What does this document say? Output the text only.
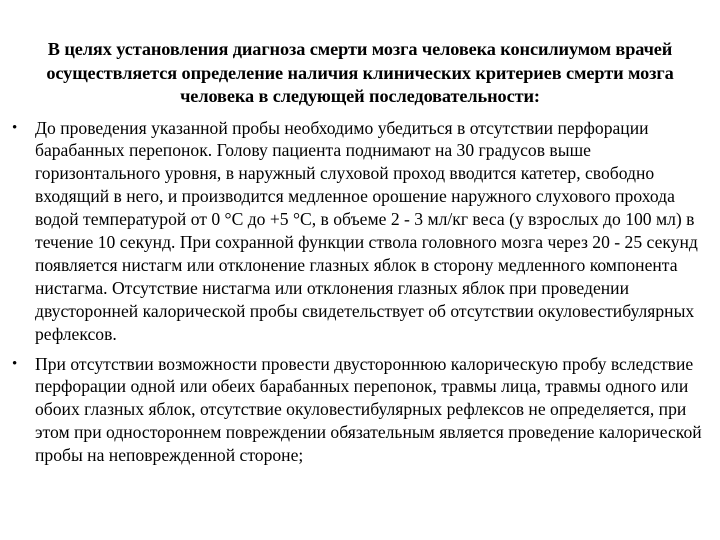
В целях установления диагноза смерти мозга человека консилиумом врачей осуществляется определение наличия клинических критериев смерти мозга человека в следующей последовательности:
• До проведения указанной пробы необходимо убедиться в отсутствии перфорации барабанных перепонок. Голову пациента поднимают на 30 градусов выше горизонтального уровня, в наружный слуховой проход вводится катетер, свободно входящий в него, и производится медленное орошение наружного слухового прохода водой температурой от 0 °С до +5 °С, в объеме 2 - 3 мл/кг веса (у взрослых до 100 мл) в течение 10 секунд. При сохранной функции ствола головного мозга через 20 - 25 секунд появляется нистагм или отклонение глазных яблок в сторону медленного компонента нистагма. Отсутствие нистагма или отклонения глазных яблок при проведении двусторонней калорической пробы свидетельствует об отсутствии окуловестибулярных рефлексов.
• При отсутствии возможности провести двустороннюю калорическую пробу вследствие перфорации одной или обеих барабанных перепонок, травмы лица, травмы одного или обоих глазных яблок, отсутствие окуловестибулярных рефлексов не определяется, при этом при одностороннем повреждении обязательным является проведение калорической пробы на неповрежденной стороне;
